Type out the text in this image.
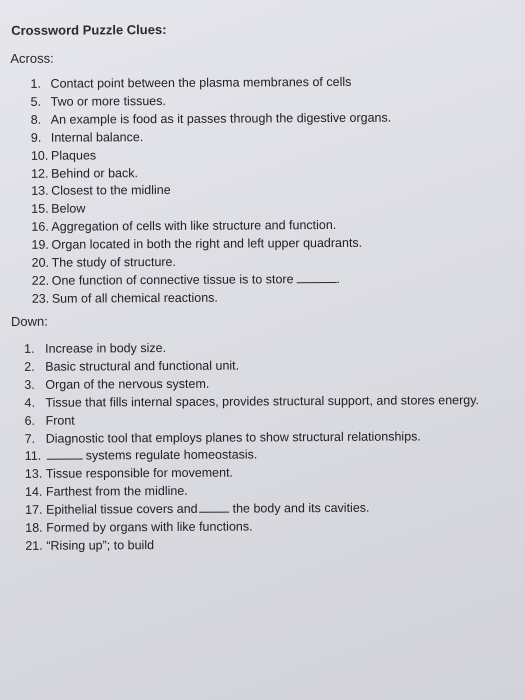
Crossword Puzzle Clues:
Across:
1. Contact point between the plasma membranes of cells
5. Two or more tissues.
8. An example is food as it passes through the digestive organs.
9. Internal balance.
10. Plaques
12. Behind or back.
13. Closest to the midline
15. Below
16. Aggregation of cells with like structure and function.
19. Organ located in both the right and left upper quadrants.
20. The study of structure.
22. One function of connective tissue is to store	.
23. Sum of all chemical reactions.
Down:
1. Increase in body size.
2. Basic structural and functional unit.
3. Organ of the nervous system.
4. Tissue that fills internal spaces, provides structural support, and stores energy.
6. Front
7. Diagnostic tool that employs planes to show structural relationships.
11.	systems regulate homeostasis.
13. Tissue responsible for movement.
14. Farthest from the midline.
17. Epithelial tissue covers and	the body and its cavities.
18. Formed by organs with like functions.
21. “Rising up”; to build
